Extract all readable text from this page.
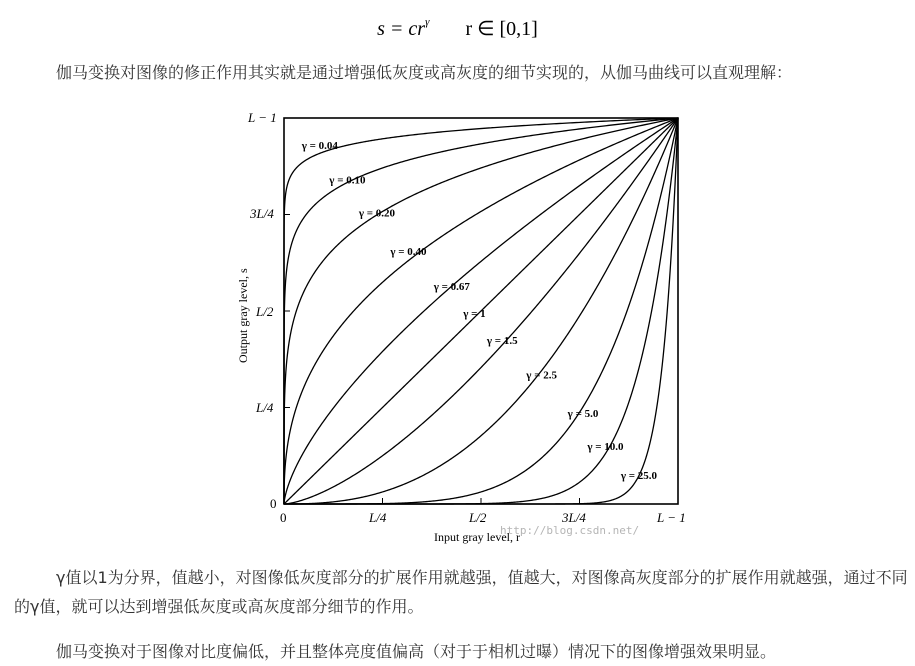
$s = cr^\gamma$ r ∈ [0,1]
伽马变换对图像的修正作用其实就是通过增强低灰度或高灰度的细节实现的，从伽马曲线可以直观理解：
γ = 0.04
γ = 0.10
γ = 0.20
γ = 0.40
γ = 0.67
γ = 1
γ = 1.5
γ = 2.5
γ = 5.0
γ = 10.0
γ = 25.0
L − 1
3L/4
L/2
L/4
0
0	L/4	L/2	3L/4	L − 1
Input gray level, r
Output gray level, s
http://blog.csdn.net/
γ值以1为分界，值越小，对图像低灰度部分的扩展作用就越强，值越大，对图像高灰度部分的扩展作用就越强，通过不同的γ值，就可以达到增强低灰度或高灰度部分细节的作用。
伽马变换对于图像对比度偏低，并且整体亮度值偏高（对于于相机过曝）情况下的图像增强效果明显。
